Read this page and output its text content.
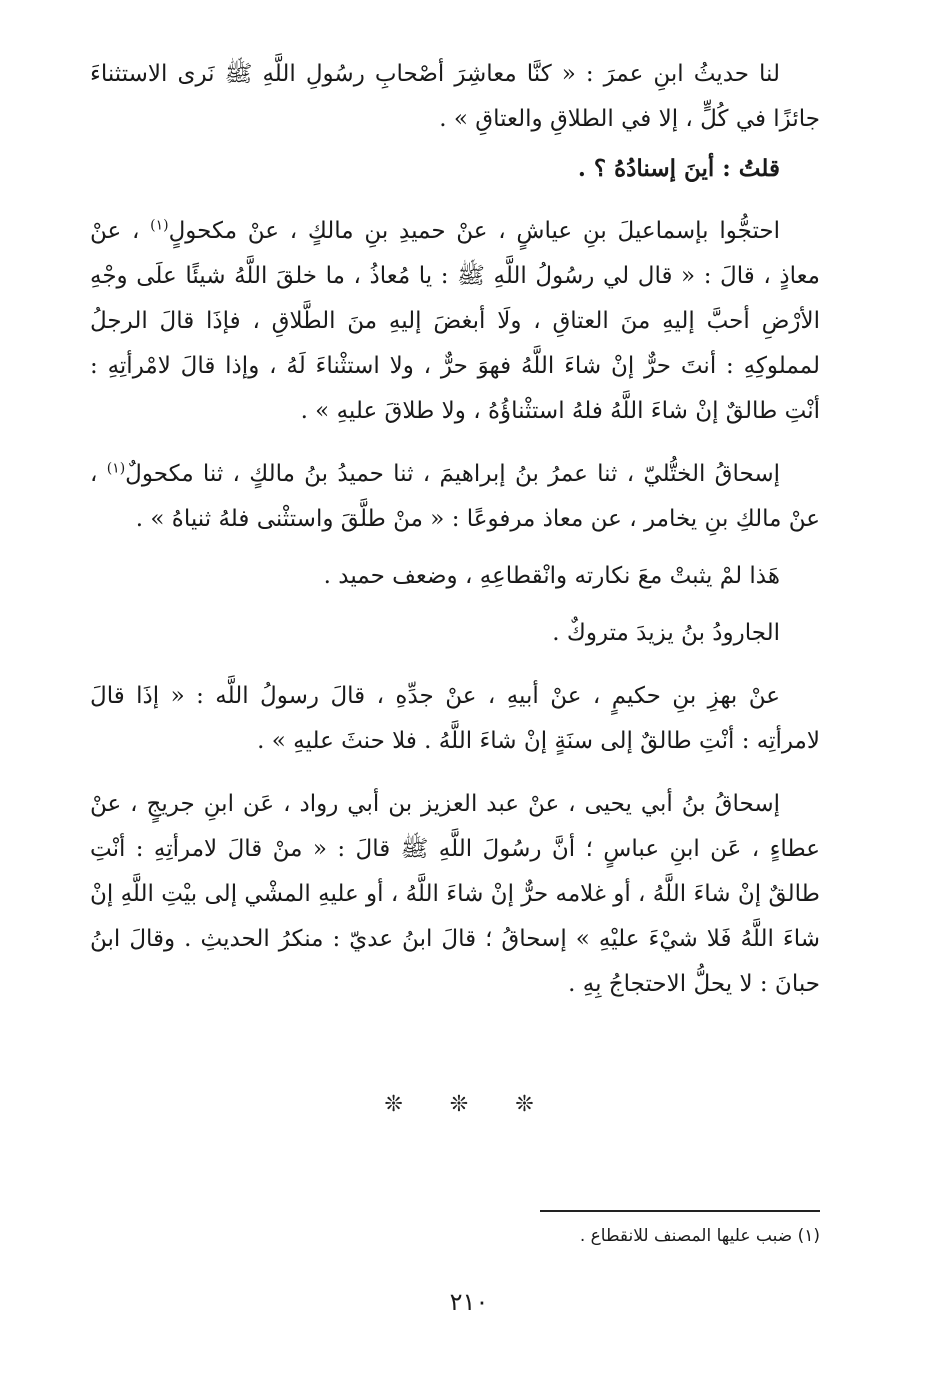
لنا حديثُ ابنِ عمرَ : « كنَّا معاشِرَ أصْحابِ رسُولِ اللَّهِ ﷺ نَرى الاستثناءَ جائزًا في كُلٍّ ، إلا في الطلاقِ والعتاقِ » .

قلتُ : أينَ إسنادُهُ ؟ .

احتجُّوا بإسماعيلَ بنِ عياشٍ ، عنْ حميدِ بنِ مالكٍ ، عنْ مكحولٍ$^{(١)}$ ، عنْ معاذٍ ، قالَ : « قال لي رسُولُ اللَّهِ ﷺ : يا مُعاذُ ، ما خلقَ اللَّهُ شيئًا علَى وجْهِ الأرْضِ أحبَّ إليهِ منَ العتاقِ ، ولَا أبغضَ إليهِ منَ الطَّلاقِ ، فإذَا قالَ الرجلُ لمملوكِهِ : أنتَ حرٌّ إنْ شاءَ اللَّهُ فهوَ حرٌّ ، ولا استثْناءَ لَهُ ، وإذا قالَ لامْرأتِهِ : أنْتِ طالقٌ إنْ شاءَ اللَّهُ فلهُ استثْناؤُهُ ، ولا طلاقَ عليهِ » .

إسحاقُ الختُّليّ ، ثنا عمرُ بنُ إبراهيمَ ، ثنا حميدُ بنُ مالكٍ ، ثنا مكحولٌ$^{(١)}$ ، عنْ مالكِ بنِ يخامر ، عن معاذ مرفوعًا : « منْ طلَّقَ واستثْنى فلهُ ثنياهُ » .

هَذا لمْ يثبتْ معَ نكارته وانْقطاعِهِ ، وضعف حميد .

الجارودُ بنُ يزيدَ متروكٌ .

عنْ بهزِ بنِ حكيمٍ ، عنْ أبيهِ ، عنْ جدِّهِ ، قالَ رسولُ اللَّه : « إذَا قالَ لامرأتِه : أنْتِ طالقٌ إلى سنَةٍ إنْ شاءَ اللَّهُ . فلا حنثَ عليهِ » .

إسحاقُ بنُ أبي يحيى ، عنْ عبد العزيز بن أبي رواد ، عَن ابنِ جريجٍ ، عنْ عطاءٍ ، عَن ابنِ عباسٍ ؛ أنَّ رسُولَ اللَّهِ ﷺ قالَ : « منْ قالَ لامرأتِهِ : أنْتِ طالقٌ إنْ شاءَ اللَّهُ ، أو غلامه حرٌّ إنْ شاءَ اللَّهُ ، أو عليهِ المشْي إلى بيْتِ اللَّهِ إنْ شاءَ اللَّهُ فَلا شيْءَ عليْهِ » إسحاقُ ؛ قالَ ابنُ عديّ : منكرُ الحديثِ . وقالَ ابنُ حبانَ : لا يحلُّ الاحتجاجُ بِهِ .

❊ ❊ ❊
(١) ضبب عليها المصنف للانقطاع .
٢١٠
